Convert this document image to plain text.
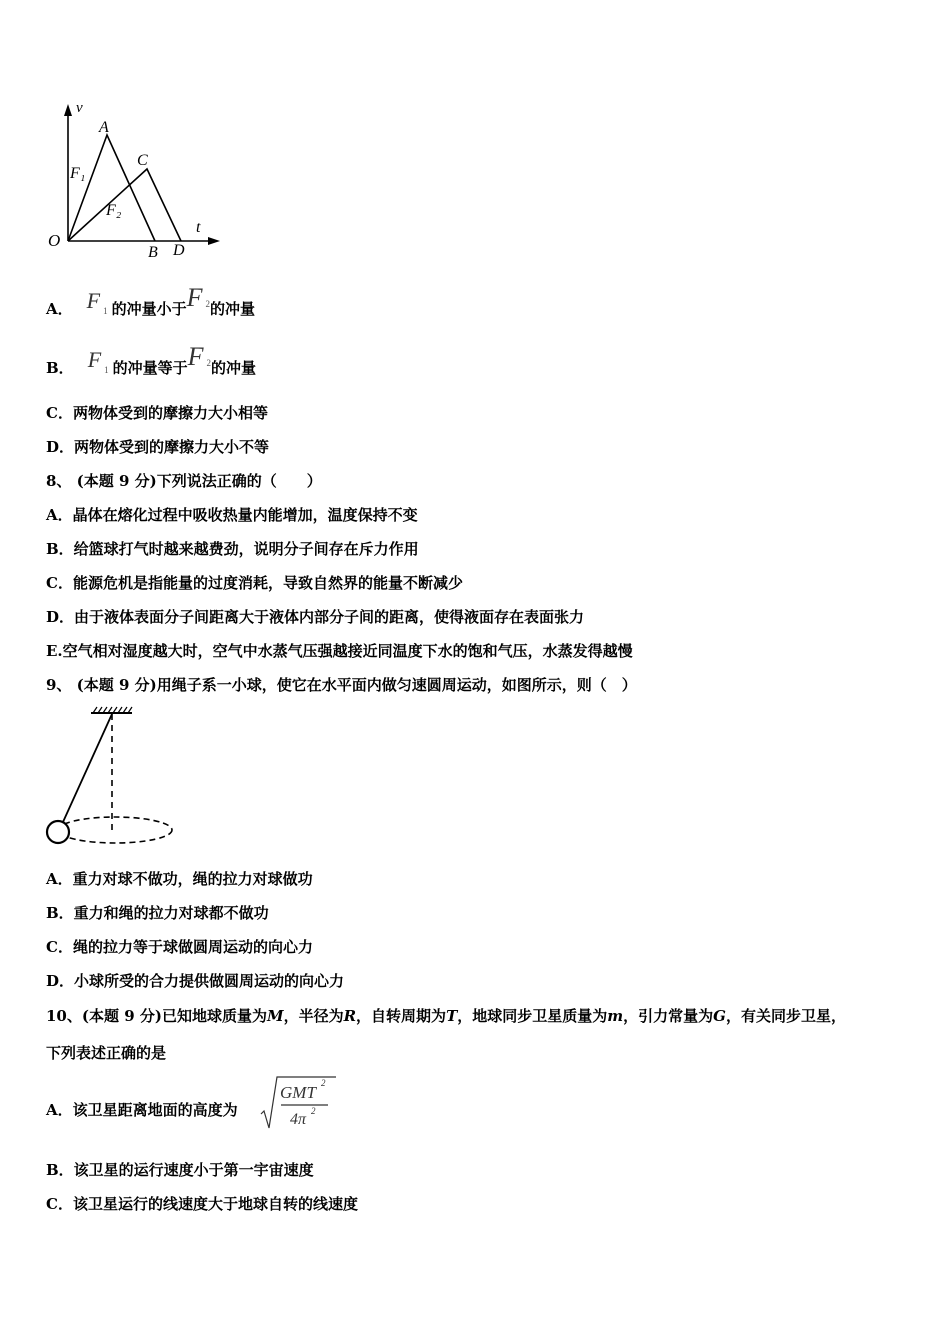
v
t
O
A
B
C
D
F₁
F₂
A． F 1 的冲量小于F $^2$的冲量
B． F 1 的冲量等于F $^2$的冲量
C．两物体受到的摩擦力大小相等
D．两物体受到的摩擦力大小不等
8、 (本题 9 分)下列说法正确的（　　）
A．晶体在熔化过程中吸收热量内能增加，温度保持不变
B．给篮球打气时越来越费劲，说明分子间存在斥力作用
C．能源危机是指能量的过度消耗，导致自然界的能量不断减少
D．由于液体表面分子间距离大于液体内部分子间的距离，使得液面存在表面张力
E.空气相对湿度越大时，空气中水蒸气压强越接近同温度下水的饱和气压，水蒸发得越慢
9、 (本题 9 分)用绳子系一小球，使它在水平面内做匀速圆周运动，如图所示，则（　）
A．重力对球不做功，绳的拉力对球做功
B．重力和绳的拉力对球都不做功
C．绳的拉力等于球做圆周运动的向心力
D．小球所受的合力提供做圆周运动的向心力
10、(本题 9 分)已知地球质量为M，半径为R，自转周期为T，地球同步卫星质量为m，引力常量为G，有关同步卫星，
下列表述正确的是
A．该卫星距离地面的高度为
GMT 2
4π 2
B．该卫星的运行速度小于第一宇宙速度
C．该卫星运行的线速度大于地球自转的线速度
